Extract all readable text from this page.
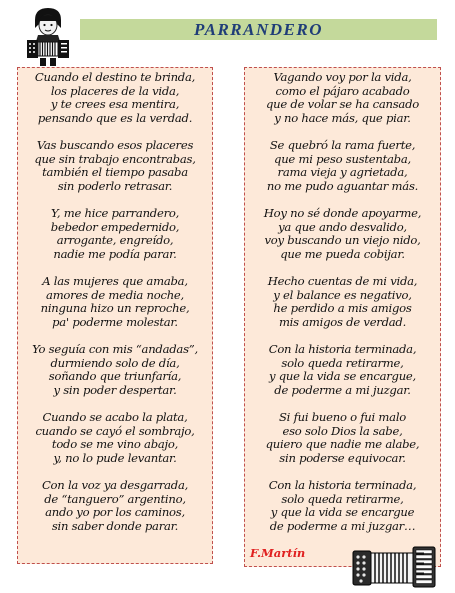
PARRANDERO
Cuando el destino te brinda,
los placeres de la vida,
y te crees esa mentira,
pensando que es la verdad.
Vas buscando esos placeres
que sin trabajo encontrabas,
también el tiempo pasaba
sin poderlo retrasar.
Y, me hice parrandero,
bebedor empedernido,
arrogante, engreído,
nadie me podía parar.
A las mujeres que amaba,
amores de media noche,
ninguna hizo un reproche,
pa' poderme molestar.
Yo seguía con mis “andadas”,
durmiendo solo de día,
soñando que triunfaría,
y sin poder despertar.
Cuando se acabo la plata,
cuando se cayó el sombrajo,
todo se me vino abajo,
y, no lo pude levantar.
Con la voz ya desgarrada,
de “tanguero” argentino,
ando yo por los caminos,
sin saber donde parar.
Vagando voy por la vida,
como el pájaro acabado
que de volar se ha cansado
y no hace más, que piar.
Se quebró la rama fuerte,
que mi peso sustentaba,
rama vieja y agrietada,
no me pudo aguantar más.
Hoy no sé donde apoyarme,
ya que ando desvalido,
voy buscando un viejo nido,
que me pueda cobijar.
Hecho cuentas de mi vida,
y el balance es negativo,
he perdido a mis amigos
mis amigos de verdad.
Con la historia terminada,
solo queda retirarme,
y que la vida se encargue,
de poderme a mi juzgar.
Si fui bueno o fui malo
eso solo Dios la sabe,
quiero que nadie me alabe,
sin poderse equivocar.
Con la historia terminada,
solo queda retirarme,
y que la vida se encargue
de poderme a mi juzgar…
F.Martín
